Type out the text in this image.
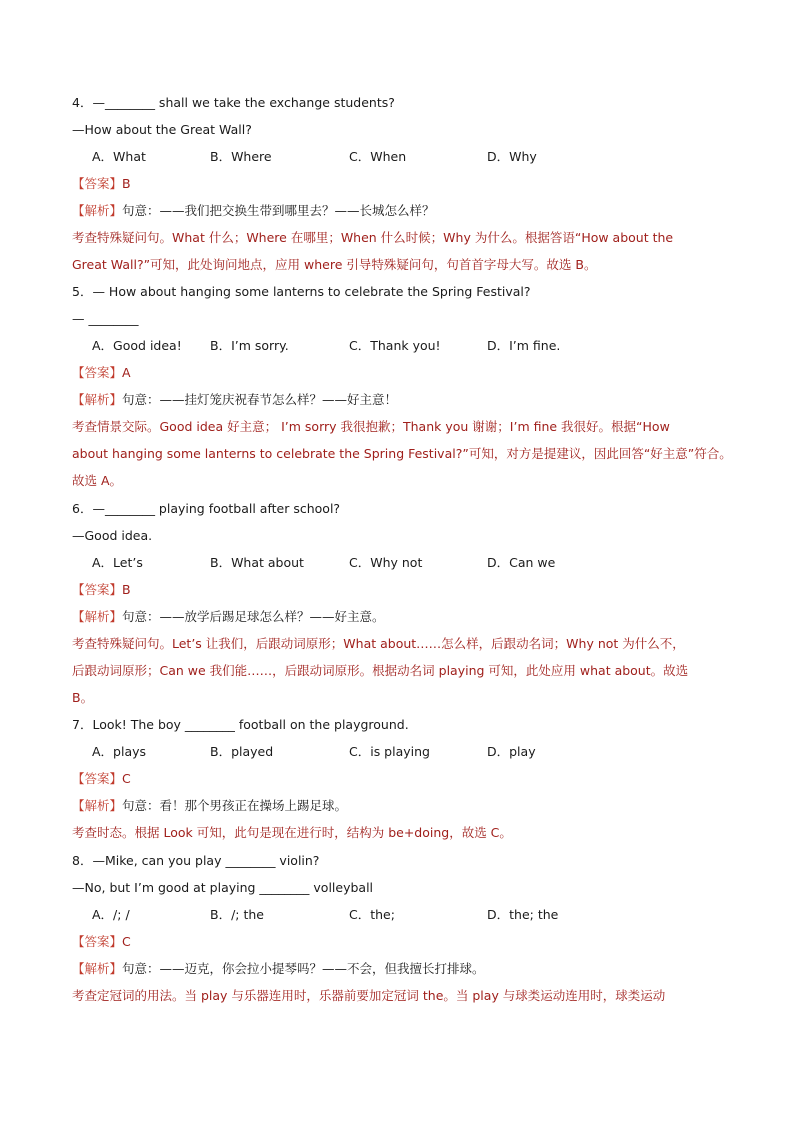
4．—________ shall we take the exchange students?
—How about the Great Wall?
A．What	B．Where	C．When	D．Why
【答案】B
【解析】句意：——我们把交换生带到哪里去？——长城怎么样？
考查特殊疑问句。What 什么；Where 在哪里；When 什么时候；Why 为什么。根据答语“How about the
Great Wall?”可知，此处询问地点，应用 where 引导特殊疑问句，句首首字母大写。故选 B。
5．— How about hanging some lanterns to celebrate the Spring Festival?
— ________
A．Good idea! B．I’m sorry.	C．Thank you!	D．I’m fine.
【答案】A
【解析】句意：——挂灯笼庆祝春节怎么样？——好主意！
考查情景交际。Good idea 好主意； I’m sorry 我很抱歉；Thank you 谢谢；I’m fine 我很好。根据“How
about hanging some lanterns to celebrate the Spring Festival?”可知，对方是提建议，因此回答“好主意”符合。
故选 A。
6．—________ playing football after school?
—Good idea.
A．Let’s	B．What about	C．Why not	D．Can we
【答案】B
【解析】句意：——放学后踢足球怎么样？——好主意。
考查特殊疑问句。Let’s 让我们，后跟动词原形；What about……怎么样，后跟动名词；Why not 为什么不，
后跟动词原形；Can we 我们能……，后跟动词原形。根据动名词 playing 可知，此处应用 what about。故选
B。
7．Look! The boy ________ football on the playground.
A．plays	B．played	C．is playing	D．play
【答案】C
【解析】句意：看！那个男孩正在操场上踢足球。
考查时态。根据 Look 可知，此句是现在进行时，结构为 be+doing，故选 C。
8．—Mike, can you play ________ violin?
—No, but I’m good at playing ________ volleyball
A．/; /	B．/; the	C．the;	D．the; the
【答案】C
【解析】句意：——迈克，你会拉小提琴吗？——不会，但我擅长打排球。
考查定冠词的用法。当 play 与乐器连用时，乐器前要加定冠词 the。当 play 与球类运动连用时，球类运动
